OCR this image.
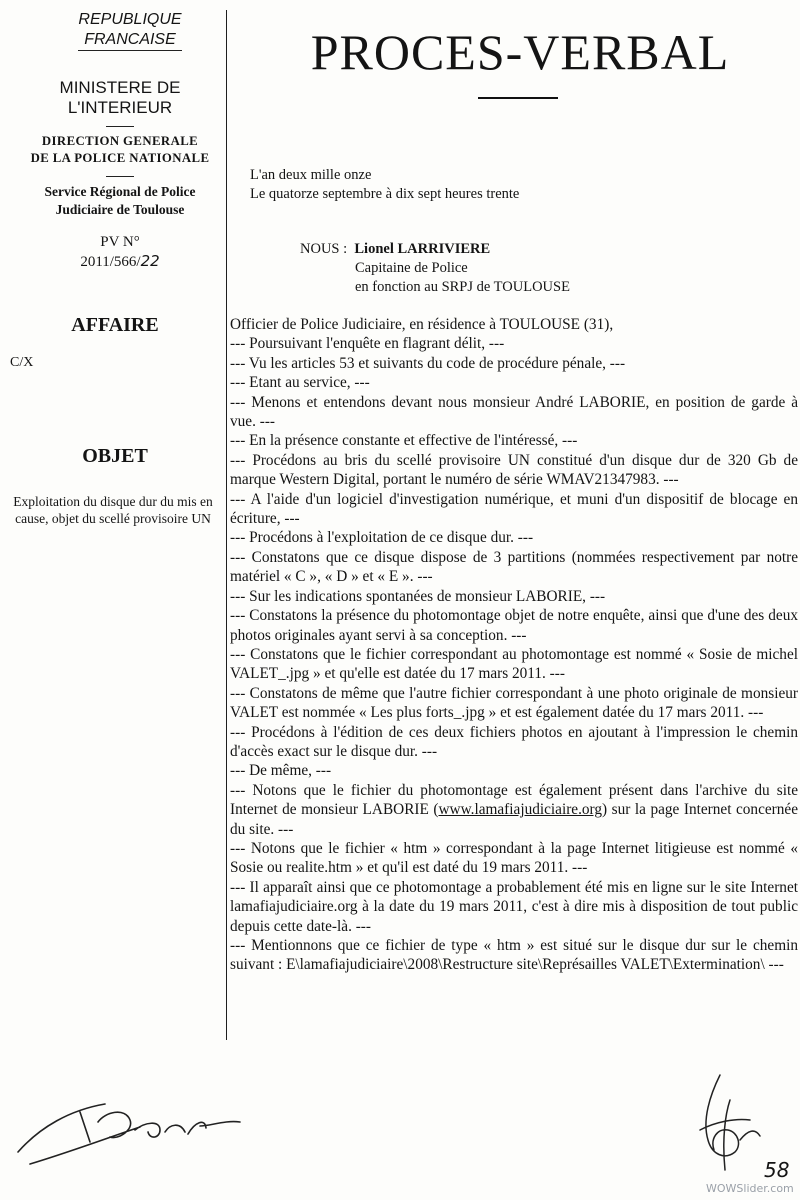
REPUBLIQUE
FRANCAISE
MINISTERE DE
L'INTERIEUR
DIRECTION GENERALE
DE LA POLICE NATIONALE
Service Régional de Police
Judiciaire de Toulouse
PV N°
2011/566/22
AFFAIRE
C/X
OBJET
Exploitation du disque dur du mis en
cause, objet du scellé provisoire UN
PROCES-VERBAL
L'an deux mille onze
Le quatorze septembre à dix sept heures trente
NOUS : Lionel LARRIVIERE
Capitaine de Police
en fonction au SRPJ de TOULOUSE

Officier de Police Judiciaire, en résidence à TOULOUSE (31),

--- Poursuivant l'enquête en flagrant délit, ---

--- Vu les articles 53 et suivants du code de procédure pénale, ---

--- Etant au service, ---

--- Menons et entendons devant nous monsieur André LABORIE, en position de garde à vue. ---

--- En la présence constante et effective de l'intéressé, ---

--- Procédons au bris du scellé provisoire UN constitué d'un disque dur de 320 Gb de marque Western Digital, portant le numéro de série WMAV21347983. ---

--- A l'aide d'un logiciel d'investigation numérique, et muni d'un dispositif de blocage en écriture, ---

--- Procédons à l'exploitation de ce disque dur. ---

--- Constatons que ce disque dispose de 3 partitions (nommées respectivement par notre matériel « C », « D » et « E ». ---

--- Sur les indications spontanées de monsieur LABORIE, ---

--- Constatons la présence du photomontage objet de notre enquête, ainsi que d'une des deux photos originales ayant servi à sa conception. ---

--- Constatons que le fichier correspondant au photomontage est nommé « Sosie de michel VALET_.jpg » et qu'elle est datée du 17 mars 2011. ---

--- Constatons de même que l'autre fichier correspondant à une photo originale de monsieur VALET est nommée « Les plus forts_.jpg » et est également datée du 17 mars 2011. ---

--- Procédons à l'édition de ces deux fichiers photos en ajoutant à l'impression le chemin d'accès exact sur le disque dur. ---

--- De même, ---

--- Notons que le fichier du photomontage est également présent dans l'archive du site Internet de monsieur LABORIE (www.lamafiajudiciaire.org) sur la page Internet concernée du site. ---

--- Notons que le fichier « htm » correspondant à la page Internet litigieuse est nommé « Sosie ou realite.htm » et qu'il est daté du 19 mars 2011. ---

--- Il apparaît ainsi que ce photomontage a probablement été mis en ligne sur le site Internet lamafiajudiciaire.org à la date du 19 mars 2011, c'est à dire mis à disposition de tout public depuis cette date-là. ---

--- Mentionnons que ce fichier de type « htm » est situé sur le disque dur sur le chemin suivant : E\lamafiajudiciaire\2008\Restructure site\Représailles VALET\Extermination\ ---

58
WOWSlider.com
